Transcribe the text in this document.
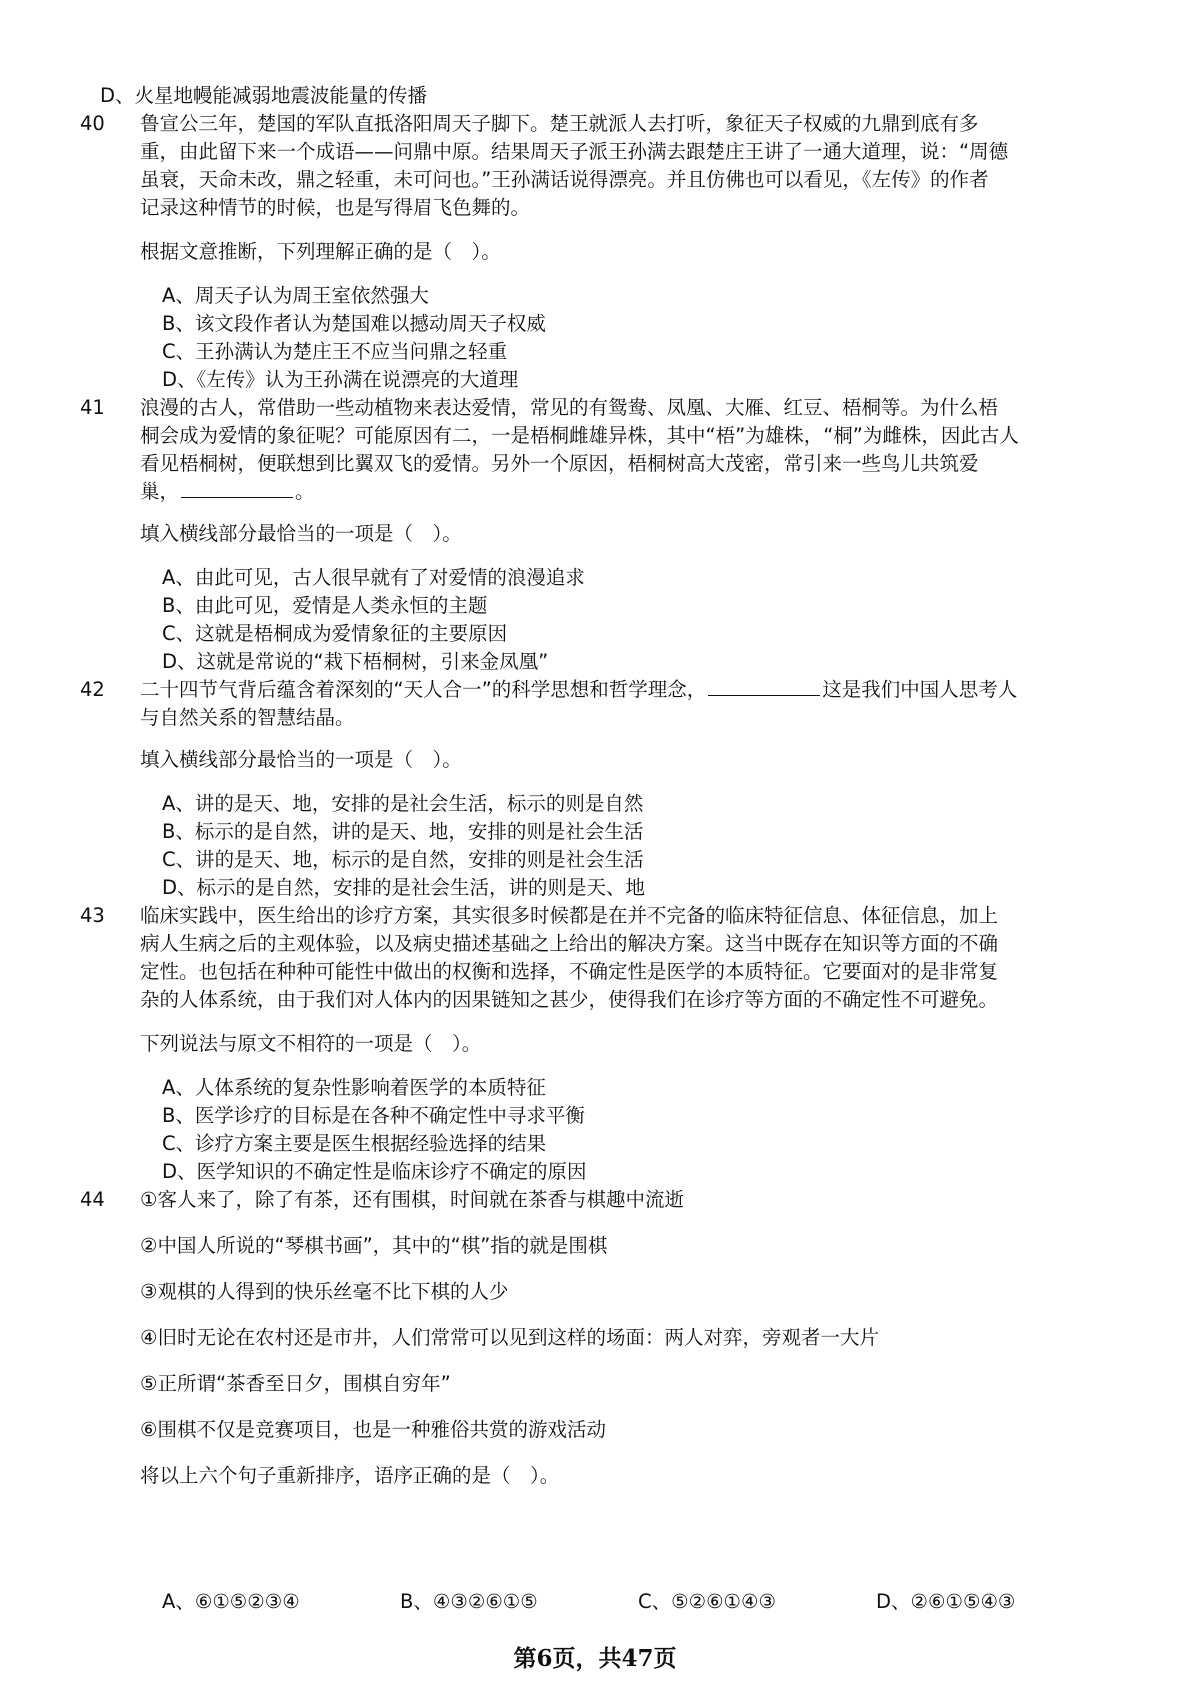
D、火星地幔能减弱地震波能量的传播
40 鲁宣公三年，楚国的军队直抵洛阳周天子脚下。楚王就派人去打听，象征天子权威的九鼎到底有多
重，由此留下来一个成语——问鼎中原。结果周天子派王孙满去跟楚庄王讲了一通大道理，说：“周德
虽衰，天命未改，鼎之轻重，未可问也。”王孙满话说得漂亮。并且仿佛也可以看见，《左传》的作者
记录这种情节的时候，也是写得眉飞色舞的。
根据文意推断，下列理解正确的是（　）。
A、周天子认为周王室依然强大
B、该文段作者认为楚国难以撼动周天子权威
C、王孙满认为楚庄王不应当问鼎之轻重
D、《左传》认为王孙满在说漂亮的大道理
41 浪漫的古人，常借助一些动植物来表达爱情，常见的有鸳鸯、凤凰、大雁、红豆、梧桐等。为什么梧
桐会成为爱情的象征呢？可能原因有二，一是梧桐雌雄异株，其中“梧”为雄株，“桐”为雌株，因此古人
看见梧桐树，便联想到比翼双飞的爱情。另外一个原因，梧桐树高大茂密，常引来一些鸟儿共筑爱
巢，	。
填入横线部分最恰当的一项是（　）。
A、由此可见，古人很早就有了对爱情的浪漫追求
B、由此可见，爱情是人类永恒的主题
C、这就是梧桐成为爱情象征的主要原因
D、这就是常说的“栽下梧桐树，引来金凤凰”
42 二十四节气背后蕴含着深刻的“天人合一”的科学思想和哲学理念，	这是我们中国人思考人
与自然关系的智慧结晶。
填入横线部分最恰当的一项是（　）。
A、讲的是天、地，安排的是社会生活，标示的则是自然
B、标示的是自然，讲的是天、地，安排的则是社会生活
C、讲的是天、地，标示的是自然，安排的则是社会生活
D、标示的是自然，安排的是社会生活，讲的则是天、地
43 临床实践中，医生给出的诊疗方案，其实很多时候都是在并不完备的临床特征信息、体征信息，加上
病人生病之后的主观体验，以及病史描述基础之上给出的解决方案。这当中既存在知识等方面的不确
定性。也包括在种种可能性中做出的权衡和选择，不确定性是医学的本质特征。它要面对的是非常复
杂的人体系统，由于我们对人体内的因果链知之甚少，使得我们在诊疗等方面的不确定性不可避免。
下列说法与原文不相符的一项是（　）。
A、人体系统的复杂性影响着医学的本质特征
B、医学诊疗的目标是在各种不确定性中寻求平衡
C、诊疗方案主要是医生根据经验选择的结果
D、医学知识的不确定性是临床诊疗不确定的原因
44 ①客人来了，除了有茶，还有围棋，时间就在茶香与棋趣中流逝
②中国人所说的“琴棋书画”，其中的“棋”指的就是围棋
③观棋的人得到的快乐丝毫不比下棋的人少
④旧时无论在农村还是市井，人们常常可以见到这样的场面：两人对弈，旁观者一大片
⑤正所谓“茶香至日夕，围棋自穷年”
⑥围棋不仅是竞赛项目，也是一种雅俗共赏的游戏活动
将以上六个句子重新排序，语序正确的是（　）。
A、⑥①⑤②③④	B、④③②⑥①⑤	C、⑤②⑥①④③	D、②⑥①⑤④③
第6页，共47页
